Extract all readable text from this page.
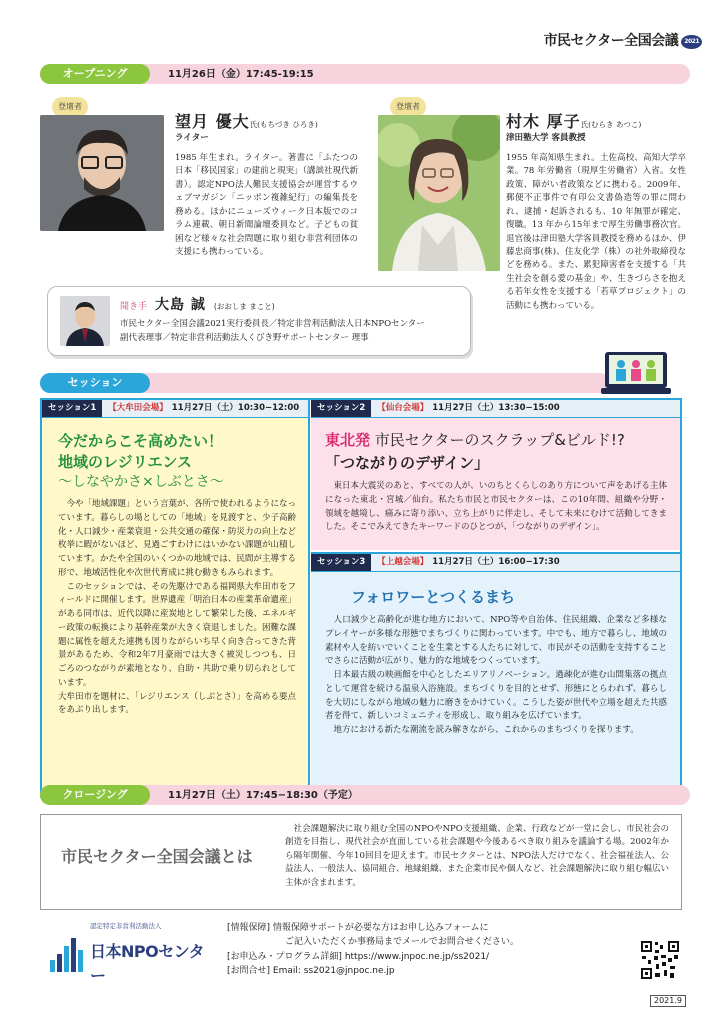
市民セクター全国会議	2021
オープニング	11月26日（金）17:45-19:15
登壇者
望月 優大氏(もちづき ひろき)
ライター
1985 年生まれ。ライター。著書に「ふたつの日本「移民国家」の建前と現実」（講談社現代新書）。認定NPO法人難民支援協会が運営するウェブマガジン「ニッポン複雑紀行」の編集長を務める。ほかにニューズウィーク日本版でのコラム連載、朝日新聞論壇委員など。子どもの貧困など様々な社会問題に取り組む非営利団体の支援にも携わっている。
登壇者
村木 厚子氏(むらき あつこ)
津田塾大学 客員教授
1955 年高知県生まれ。土佐高校、高知大学卒業。78 年労働省（現厚生労働省）入省。女性政策、障がい者政策などに携わる。2009年、郵便不正事件で有印公文書偽造等の罪に問われ、逮捕・起訴されるも、10 年無罪が確定、復職。13 年から15年まで厚生労働事務次官。退官後は津田塾大学客員教授を務めるほか、伊藤忠商事(株)、住友化学（株）の社外取締役などを務める。また、累犯障害者を支援する「共生社会を創る愛の基金」や、生きづらさを抱える若年女性を支援する「若草プロジェクト」の活動にも携わっている。
聞き手 大島 誠 (おおしま まこと)
市民セクター全国会議2021実行委員長／特定非営利活動法人日本NPOセンター
副代表理事／特定非営利活動法人くびき野サポートセンター 理事
セッション
セッション1	【大牟田会場】 11月27日（土）10:30−12:00
今だからこそ高めたい！
地域のレジリエンス
〜しなやかさ×しぶとさ〜

今や「地域課題」という言葉が、各所で使われるようになっています。暮らしの場としての「地域」を見渡すと、少子高齢化・人口減少・産業衰退・公共交通の確保・防災力の向上など枚挙に暇がないほど、見過ごすわけにはいかない課題が山積しています。かたや全国のいくつかの地域では、民間が主導する形で、地域活性化や次世代育成に挑む動きもみられます。

このセッションでは、その先駆けである福岡県大牟田市をフィールドに開催します。世界遺産「明治日本の産業革命遺産」がある同市は、近代以降に産炭地として繁栄した後、エネルギー政策の転換により基幹産業が大きく衰退しました。困難な課題に属性を超えた連携も図りながらいち早く向き合ってきた背景があるため、令和2年7月豪雨では大きく被災しつつも、日ごろのつながりが素地となり、自助・共助で乗り切られとしています。

大牟田市を題材に、「レジリエンス（しぶとさ）」を高める要点をあぶり出します。

セッション2	【仙台会場】 11月27日（土）13:30−15:00
東北発 市民セクターのスクラップ&ビルド!?
「つながりのデザイン」
東日本大震災のあと、すべての人が、いのちとくらしのあり方について声をあげる主体になった東北・宮城／仙台。私たち市民と市民セクターは、この10年間、組織や分野・領域を越境し、痛みに寄り添い、立ち上がりに伴走し、そして未来にむけて活動してきました。そこでみえてきたキーワードのひとつが、「つながりのデザイン」。
セッション3	【上越会場】 11月27日（土）16:00−17:30
フォロワーとつくるまち

人口減少と高齢化が進む地方において、NPO等や自治体、住民組織、企業など多様なプレイヤーが多様な形態でまちづくりに関わっています。中でも、地方で暮らし、地域の素材や人を紡いでいくことを生業とする人たちに対して、市民がその活動を支持することでさらに活動が広がり、魅力的な地域をつくっています。

日本最古級の映画館を中心としたエリアリノベーション。過疎化が進む山間集落の拠点として運営を続ける温泉入浴施設。まちづくりを目的とせず、形態にとらわれず、暮らしを大切にしながら地域の魅力に磨きをかけていく。こうした姿が世代や立場を超えた共感者を得て、新しいコミュニティを形成し、取り組みを広げています。

地方における新たな潮流を読み解きながら、これからのまちづくりを探ります。

クロージング	11月27日（土）17:45−18:30（予定）
市民セクター全国会議とは
社会課題解決に取り組む全国のNPOやNPO支援組織、企業、行政などが一堂に会し、市民社会の創造を目指し、現代社会が直面している社会課題や今後あるべき取り組みを議論する場。2002年から隔年開催、今年10回目を迎えます。市民セクターとは、NPO法人だけでなく、社会福祉法人、公益法人、一般法人、協同組合、地縁組織、また企業市民や個人など、社会課題解決に取り組む幅広い主体が含まれます。
認定特定非営利活動法人
日本NPOセンター
[情報保障] 情報保障サポートが必要な方はお申し込みフォームに
ご記入いただくか事務局までメールでお問合せください。
[お申込み・プログラム詳細] https://www.jnpoc.ne.jp/ss2021/
[お問合せ] Email: ss2021@jnpoc.ne.jp
2021.9
